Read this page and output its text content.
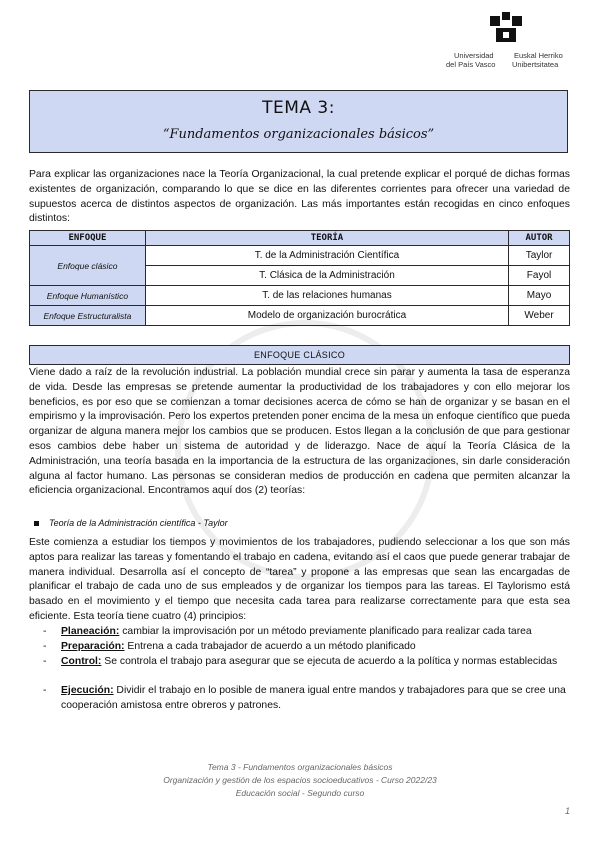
Universidad
del País Vasco
Euskal Herriko
Unibertsitatea
TEMA 3:
“Fundamentos organizacionales básicos”

Para explicar las organizaciones nace la Teoría Organizacional, la cual pretende explicar el porqué de dichas formas existentes de organización, comparando lo que se dice en las diferentes corrientes para ofrecer una variedad de supuestos acerca de distintos aspectos de organización. Las más importantes están recogidas en cinco enfoques distintos:

ENFOQUE	TEORÍA	AUTOR
Enfoque clásico	T. de la Administración Científica	Taylor
	T. Clásica de la Administración	Fayol
Enfoque Humanístico	T. de las relaciones humanas	Mayo
Enfoque Estructuralista	Modelo de organización burocrática	Weber
ENFOQUE CLÁSICO

Viene dado a raíz de la revolución industrial. La población mundial crece sin parar y aumenta la tasa de esperanza de vida. Desde las empresas se pretende aumentar la productividad de los trabajadores y con ello mejorar los beneficios, es por eso que se comienzan a tomar decisiones acerca de cómo se han de organizar y se basan en el empirismo y la improvisación. Pero los expertos pretenden poner encima de la mesa un enfoque científico que pueda organizar de alguna manera mejor los cambios que se producen. Estos llegan a la conclusión de que para gestionar esos cambios debe haber un sistema de autoridad y de liderazgo. Nace de aquí la Teoría Clásica de la Administración, una teoría basada en la importancia de la estructura de las organizaciones, sin darle consideración alguna al factor humano. Las personas se consideran medios de producción en cadena que permiten alcanzar la eficiencia organizacional. Encontramos aquí dos (2) teorías:

Teoría de la Administración científica - Taylor

Este comienza a estudiar los tiempos y movimientos de los trabajadores, pudiendo seleccionar a los que son más aptos para realizar las tareas y fomentando el trabajo en cadena, evitando así el caos que puede generar trabajar de manera individual. Desarrolla así el concepto de “tarea” y propone a las empresas que sean las encargadas de planificar el trabajo de cada uno de sus empleados y de organizar los tiempos para las tareas. El Taylorismo está basado en el movimiento y el tiempo que necesita cada tarea para realizarse correctamente para que esta sea eficiente. Esta teoría tiene cuatro (4) principios:

- Planeación: cambiar la improvisación por un método previamente planificado para realizar cada tarea
- Preparación: Entrena a cada trabajador de acuerdo a un método planificado
- Control: Se controla el trabajo para asegurar que se ejecuta de acuerdo a la política y normas establecidas
- Ejecución: Dividir el trabajo en lo posible de manera igual entre mandos y trabajadores para que se cree una cooperación amistosa entre obreros y patrones.
Tema 3 - Fundamentos organizacionales básicos
Organización y gestión de los espacios socioeducativos - Curso 2022/23
Educación social - Segundo curso
1
